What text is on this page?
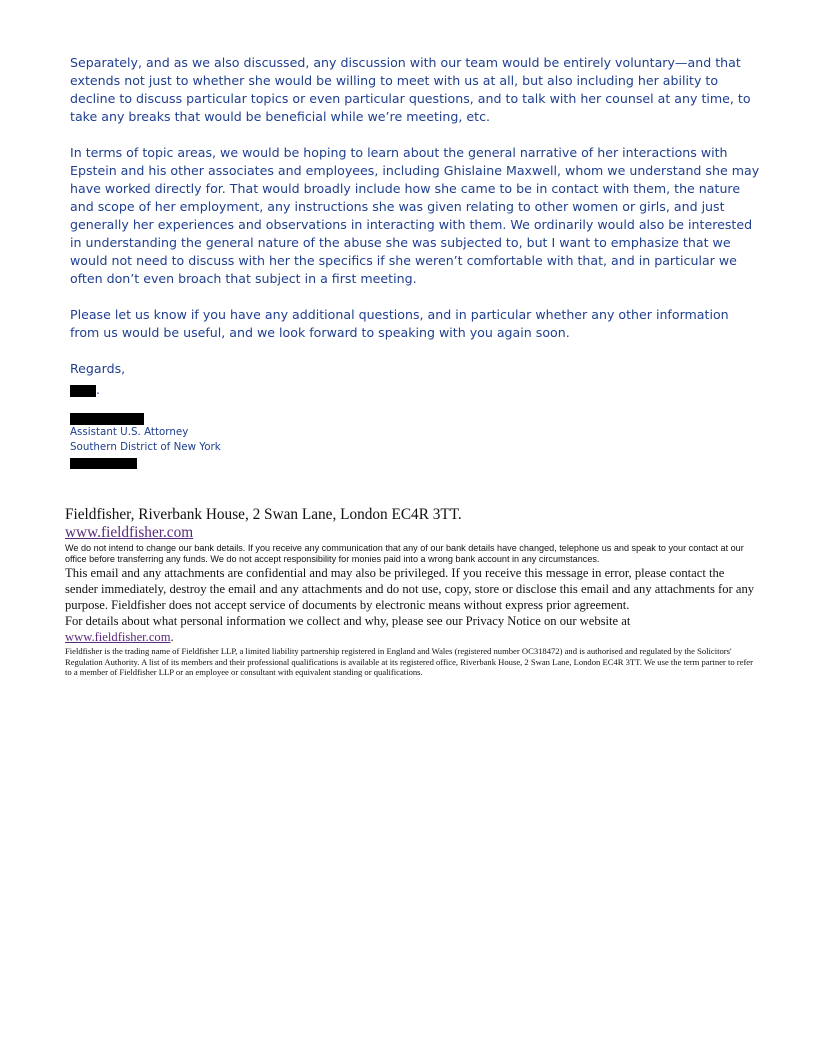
Separately, and as we also discussed, any discussion with our team would be entirely voluntary—and that extends not just to whether she would be willing to meet with us at all, but also including her ability to decline to discuss particular topics or even particular questions, and to talk with her counsel at any time, to take any breaks that would be beneficial while we’re meeting, etc.

In terms of topic areas, we would be hoping to learn about the general narrative of her interactions with Epstein and his other associates and employees, including Ghislaine Maxwell, whom we understand she may have worked directly for. That would broadly include how she came to be in contact with them, the nature and scope of her employment, any instructions she was given relating to other women or girls, and just generally her experiences and observations in interacting with them. We ordinarily would also be interested in understanding the general nature of the abuse she was subjected to, but I want to emphasize that we would not need to discuss with her the specifics if she weren’t comfortable with that, and in particular we often don’t even broach that subject in a first meeting.

Please let us know if you have any additional questions, and in particular whether any other information from us would be useful, and we look forward to speaking with you again soon.

Regards,
.
Assistant U.S. Attorney
Southern District of New York

Fieldfisher, Riverbank House, 2 Swan Lane, London EC4R 3TT.

www.fieldfisher.com

We do not intend to change our bank details. If you receive any communication that any of our bank details have changed, telephone us and speak to your contact at our office before transferring any funds. We do not accept responsibility for monies paid into a wrong bank account in any circumstances.

This email and any attachments are confidential and may also be privileged. If you receive this message in error, please contact the sender immediately, destroy the email and any attachments and do not use, copy, store or disclose this email and any attachments for any purpose. Fieldfisher does not accept service of documents by electronic means without express prior agreement.

For details about what personal information we collect and why, please see our Privacy Notice on our website at
www.fieldfisher.com.

Fieldfisher is the trading name of Fieldfisher LLP, a limited liability partnership registered in England and Wales (registered number OC318472) and is authorised and regulated by the Solicitors' Regulation Authority. A list of its members and their professional qualifications is available at its registered office, Riverbank House, 2 Swan Lane, London EC4R 3TT. We use the term partner to refer to a member of Fieldfisher LLP or an employee or consultant with equivalent standing or qualifications.
